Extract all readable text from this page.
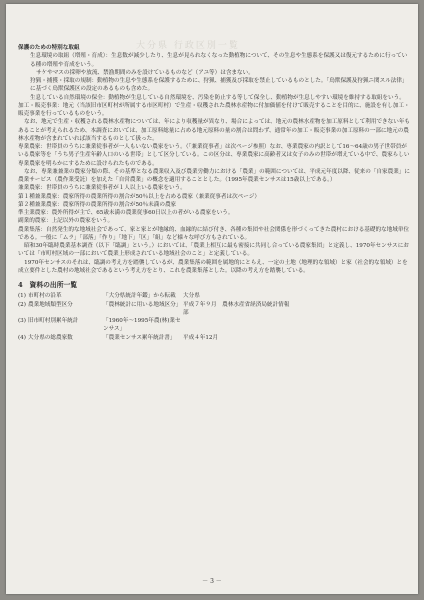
大分県 行政区別一覧
保護のための特別な取組
生息環境の取組（増殖・育成）：生息数が減少したり、生息が見られなくなった動植物について、その生息や生態系を保護又は復元するために行っている種の増殖や育成をいう。
サケやマスの採卵や放流、禁漁期間のみを設けているものなど（アユ等）は含まない。
狩猟・捕獲・採取の規制：動植物の生息や生態系を保護するために、狩猟、捕獲及び採取を禁止しているものとした。「鳥獣保護及狩猟ニ関スル法律」に基づく鳥獣保護区の設定のあるものも含めた。
生息している自然環境の保全：動植物が生息している自然環境を、汚染を防止する等して保全し、動植物が生息しやすい環境を維持する取組をいう。
加工・販売事業：地元（当該旧市区町村が所属する市区町村）で生産・収穫された農林水産物に付加価値を付けて販売することを目的に、施設を有し加工・販売事業を行っているものをいう。
なお、地元で生産・収穫される農林水産物については、年により収穫量が異なり、場合によっては、地元の農林水産物を加工原料として利用できない年もあることが考えられるため、本調査においては、加工原料総量に占める地元原料の量の割合は問わず、通常年の加工・販売事業の加工原料の一部に地元の農林水産物が含まれていれば該当するものとして扱った。
専業農家：世帯員のうちに兼業従事者が一人もいない農家をいう。（「兼業従事者」は次ページ参照）なお、専業農家の内訳として16～64歳の男子世帯員がいる農家等を「うち男子生産年齢人口のいる世帯」として区分している。この区分は、専業農家に高齢者又は女子のみの世帯が増えている中で、農家らしい専業農家を明らかにするために設けられたものである。
なお、専業兼兼業の農家分類の際、その基準となる農業収入及び農業労働力における「農業」の範囲については、平成元年度以降、従来の「自家農業」に農業サービス（農作業受託）を加えた「自営農業」の概念を適用することとした。（1995年農業センサスは15歳以上である。）
兼業農家：世帯員のうちに兼業従事者が１人以上いる農家をいう。
第１種兼業農家：農家所得の農業所得の割合が50％以上を占める農家（兼業従事者は次ページ）
第２種兼業農家：農家所得の農業所得の割合が50％未満の農家
準主業農家：農外所得が主で、65歳未満の農業従事60日以上の者がいる農家をいう。
副業的農家：上記以外の農家をいう。
農業集落：自然発生的な地域社会であって、家と家とが地縁的、血縁的に結び付き、各種の集団や社会関係を形づくってきた農村における基礎的な地域単位である。一般に「ムラ」「部落」「作り」「地下」「区」「組」など様々な呼び方もされている。
昭和30年臨時農業基本調査（以下「臨調」という。）においては、「農業上相互に最も密接に共同し合っている農家集団」と定義し、1970年センサスにおいては「市町村区域の一部において農業上形成されている地域社会のこと」と定義している。
1970年センサスのそれは、臨調の考え方を踏襲しているが、農業集落の範囲を属地的にとらえ、一定の土地（地理的な領域）と家（社会的な領域）とを成立要件とした農村の地域社会であるという考え方をとり、これを農業集落とした。以降の考え方を踏襲している。
4　資料の出所一覧
(1) 市町村の沿革	「大分県統計年鑑」から転載	大分県
(2) 農業地域類型区分	「農林統計に用いる地域区分」 平成７年９月　農林水産省経済局統計情報部
(3) 旧市町村別累年統計	「1960年～1995年農(林)業センサス」
(4) 大分県の総農家数	「農業センサス累年統計書」	平成４年12月
－ 3 －
